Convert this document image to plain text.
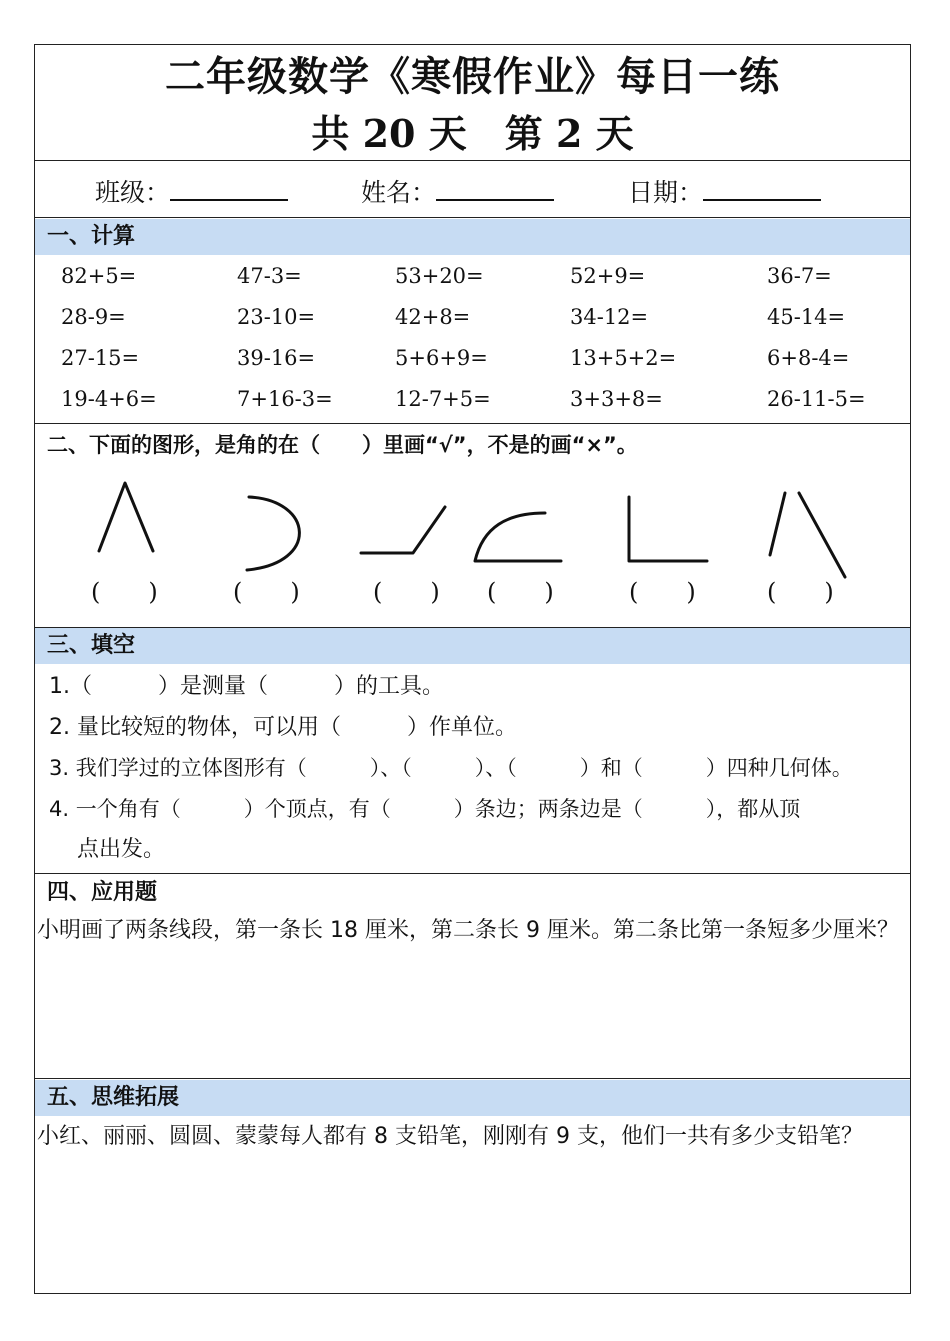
二年级数学《寒假作业》每日一练
共 20 天　第 2 天
班级：	姓名：	日期：
一、计算
82+5=	47-3=	53+20=	52+9=	36-7=
28-9=	23-10=	42+8=	34-12=	45-14=
27-15=	39-16=	5+6+9=	13+5+2=	6+8-4=
19-4+6=	7+16-3=	12-7+5=	3+3+8=	26-11-5=
二、下面的图形，是角的在（　　）里画“√”，不是的画“×”。
(　　)	(　　)	(　　) (　　)	(　　)	(　　)
三、填空
1.（　　　）是测量（　　　）的工具。
2. 量比较短的物体，可以用（　　　）作单位。
3. 我们学过的立体图形有（　　　）、（　　　）、（　　　）和（　　　）四种几何体。
4. 一个角有（　　　）个顶点，有（　　　）条边；两条边是（　　　），都从顶
点出发。
四、应用题
小明画了两条线段，第一条长 18 厘米，第二条长 9 厘米。第二条比第一条短多少厘米？
五、思维拓展
小红、丽丽、圆圆、蒙蒙每人都有 8 支铅笔，刚刚有 9 支，他们一共有多少支铅笔？
